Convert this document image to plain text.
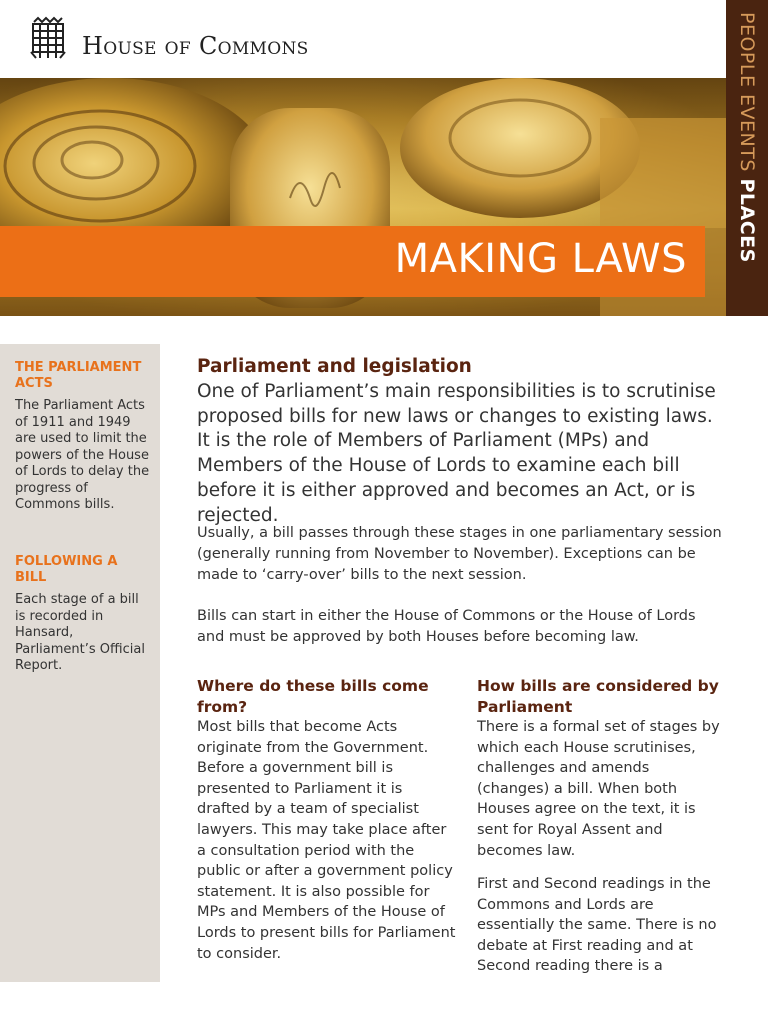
House of Commons	PEOPLE EVENTS PLACES
MAKING LAWS
THE PARLIAMENT ACTS
The Parliament Acts of 1911 and 1949 are used to limit the powers of the House of Lords to delay the progress of Commons bills.
FOLLOWING A BILL
Each stage of a bill is recorded in Hansard, Parliament’s Official Report.
Parliament and legislation
One of Parliament’s main responsibilities is to scrutinise proposed bills for new laws or changes to existing laws. It is the role of Members of Parliament (MPs) and Members of the House of Lords to examine each bill before it is either approved and becomes an Act, or is rejected.
Usually, a bill passes through these stages in one parliamentary session (generally running from November to November). Exceptions can be made to ‘carry-over’ bills to the next session.
Bills can start in either the House of Commons or the House of Lords and must be approved by both Houses before becoming law.
Where do these bills come from?
Most bills that become Acts originate from the Government. Before a government bill is presented to Parliament it is drafted by a team of specialist lawyers. This may take place after a consultation period with the public or after a government policy statement. It is also possible for MPs and Members of the House of Lords to present bills for Parliament to consider.
How bills are considered by Parliament
There is a formal set of stages by which each House scrutinises, challenges and amends (changes) a bill. When both Houses agree on the text, it is sent for Royal Assent and becomes law.
First and Second readings in the Commons and Lords are essentially the same. There is no debate at First reading and at Second reading there is a
